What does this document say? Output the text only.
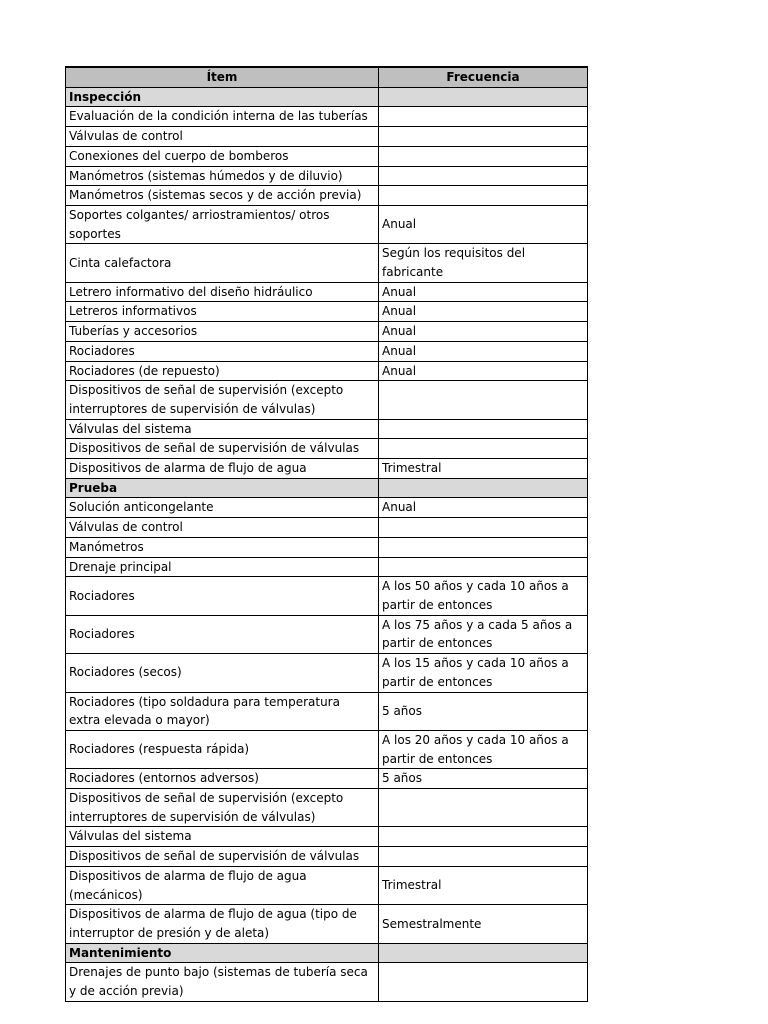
Ítem	Frecuencia
Inspección	
Evaluación de la condición interna de las tuberías	
Válvulas de control	
Conexiones del cuerpo de bomberos	
Manómetros (sistemas húmedos y de diluvio)	
Manómetros (sistemas secos y de acción previa)	
Soportes colgantes/ arriostramientos/ otros soportes	Anual
Cinta calefactora	Según los requisitos del fabricante
Letrero informativo del diseño hidráulico	Anual
Letreros informativos	Anual
Tuberías y accesorios	Anual
Rociadores	Anual
Rociadores (de repuesto)	Anual
Dispositivos de señal de supervisión (excepto interruptores de supervisión de válvulas)	
Válvulas del sistema	
Dispositivos de señal de supervisión de válvulas	
Dispositivos de alarma de flujo de agua	Trimestral
Prueba	
Solución anticongelante	Anual
Válvulas de control	
Manómetros	
Drenaje principal	
Rociadores	A los 50 años y cada 10 años a partir de entonces
Rociadores	A los 75 años y a cada 5 años a partir de entonces
Rociadores (secos)	A los 15 años y cada 10 años a partir de entonces
Rociadores (tipo soldadura para temperatura extra elevada o mayor)	5 años
Rociadores (respuesta rápida)	A los 20 años y cada 10 años a partir de entonces
Rociadores (entornos adversos)	5 años
Dispositivos de señal de supervisión (excepto interruptores de supervisión de válvulas)	
Válvulas del sistema	
Dispositivos de señal de supervisión de válvulas	
Dispositivos de alarma de flujo de agua (mecánicos)	Trimestral
Dispositivos de alarma de flujo de agua (tipo de interruptor de presión y de aleta)	Semestralmente
Mantenimiento	
Drenajes de punto bajo (sistemas de tubería seca y de acción previa)	
